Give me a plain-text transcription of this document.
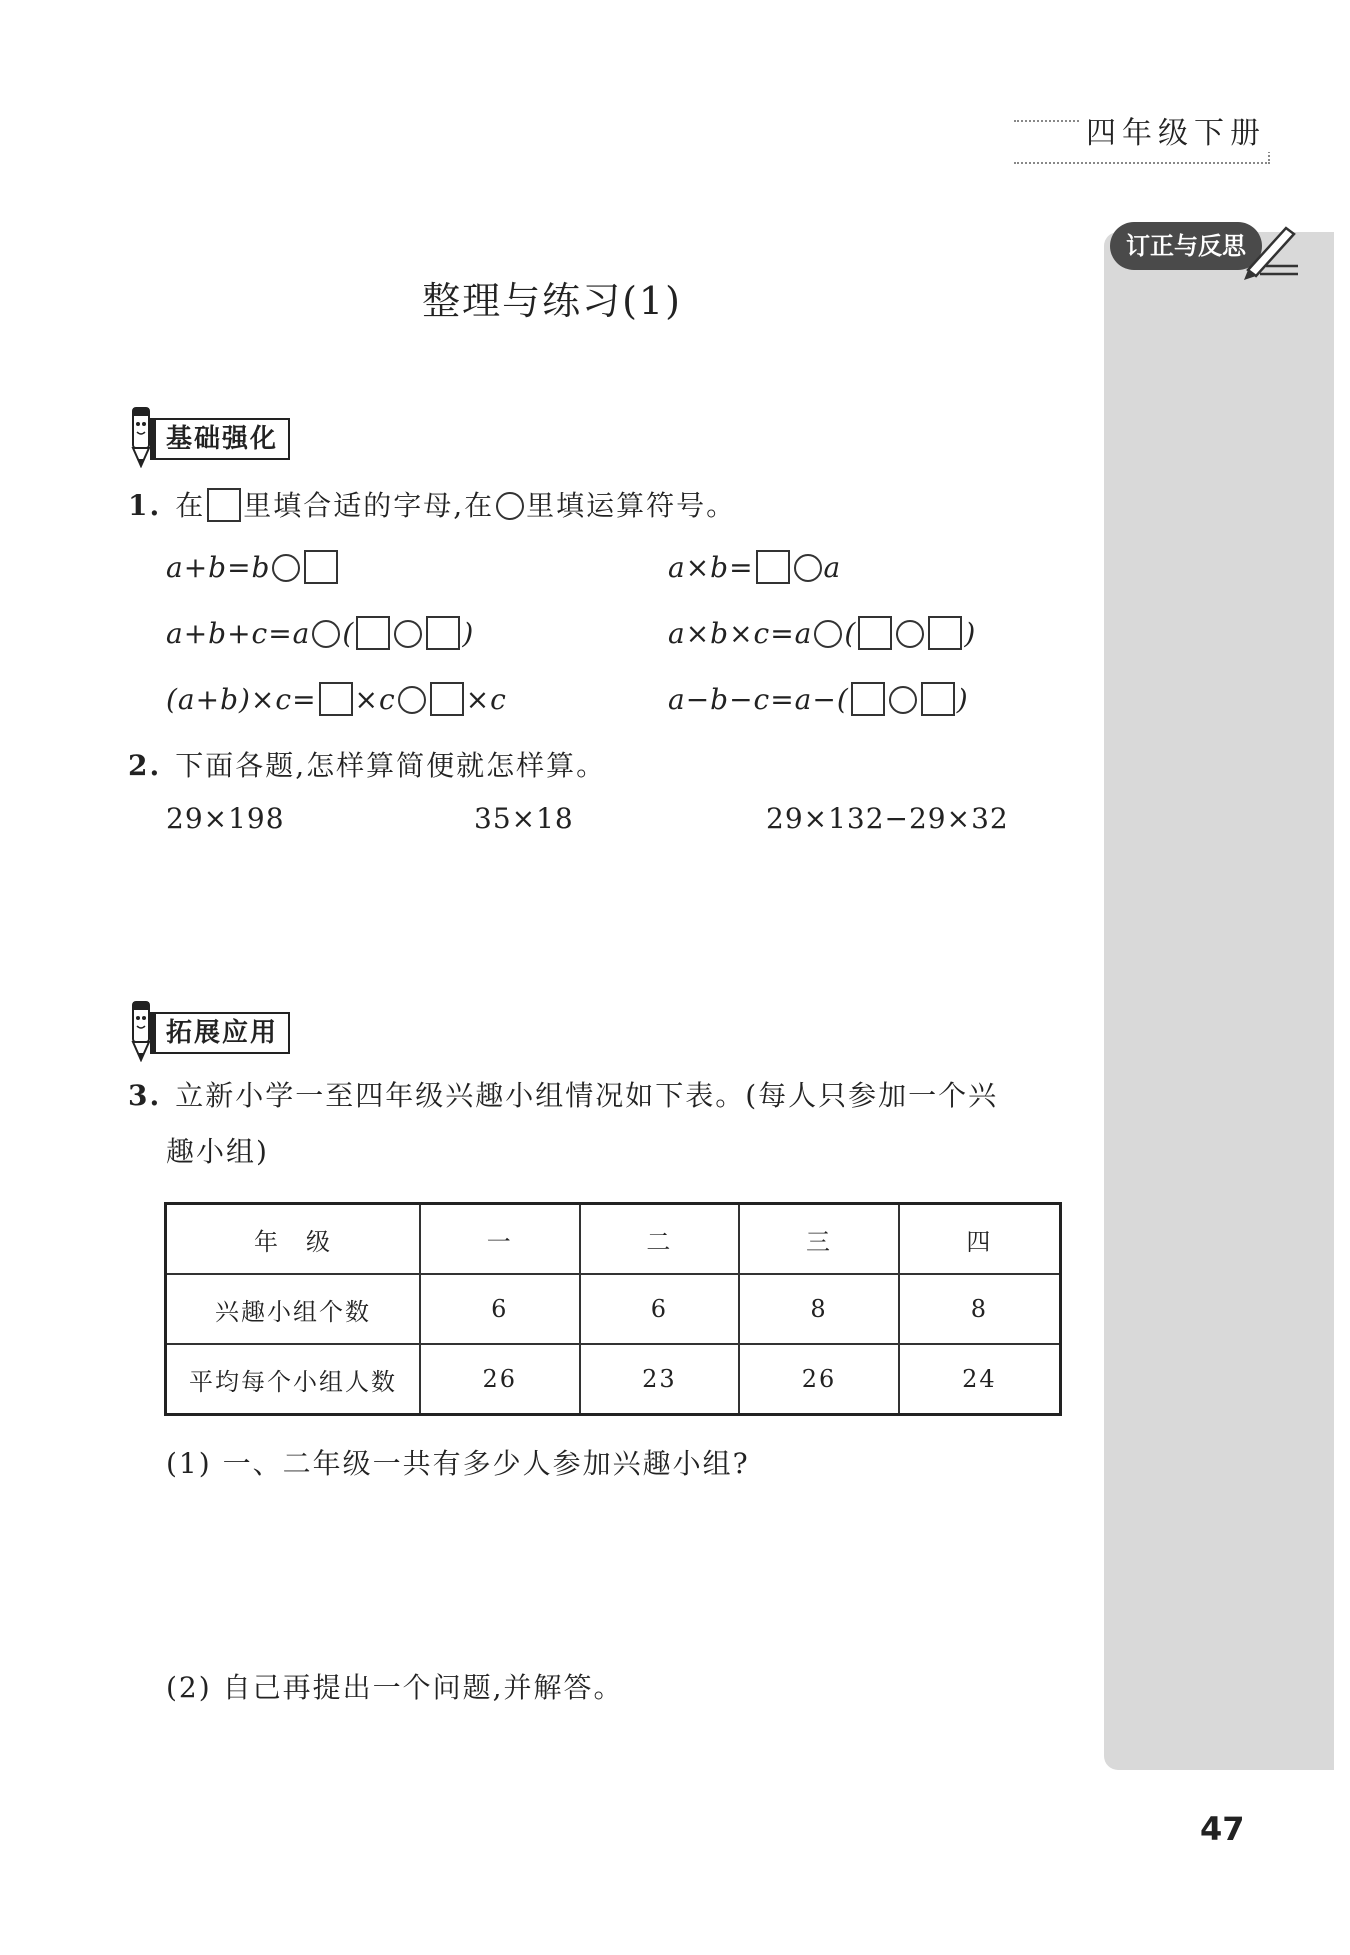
四年级下册
订正与反思
整理与练习(1)
基础强化
1. 在 里填合适的字母,在 里填运算符号。
a+b=b	a×b=	a
a+b+c=a (	)	a×b×c=a (	)
(a+b)×c= ×c	×c	a−b−c=a−(	)
2. 下面各题,怎样算简便就怎样算。
29×198	35×18	29×132−29×32
拓展应用
3. 立新小学一至四年级兴趣小组情况如下表。(每人只参加一个兴
趣小组)
年　级	一	二	三	四
兴趣小组个数	6	6	8	8
平均每个小组人数	26	23	26	24
(1) 一、二年级一共有多少人参加兴趣小组?
(2) 自己再提出一个问题,并解答。
47
